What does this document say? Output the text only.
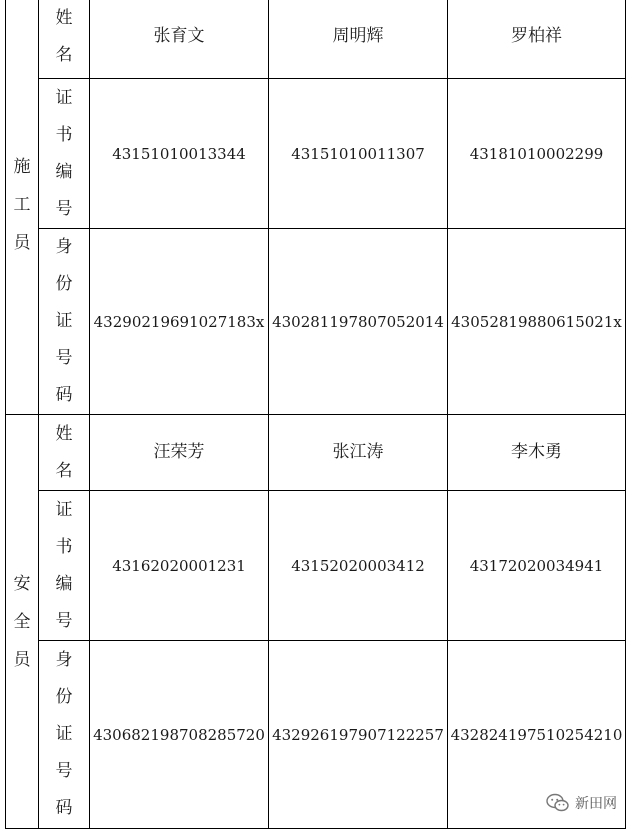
施
工
员	姓
名	张育文	周明辉	罗柏祥

	证
书
编
号	43151010013344	43151010011307	43181010002299

	身
份
证
号
码	43290219691027183x	430281197807052014	43052819880615021x

安
全
员	姓
名	汪荣芳	张江涛	李木勇

	证
书
编
号	43162020001231	43152020003412	43172020034941

	身
份
证
号
码	430682198708285720	432926197907122257	432824197510254210
新田网
